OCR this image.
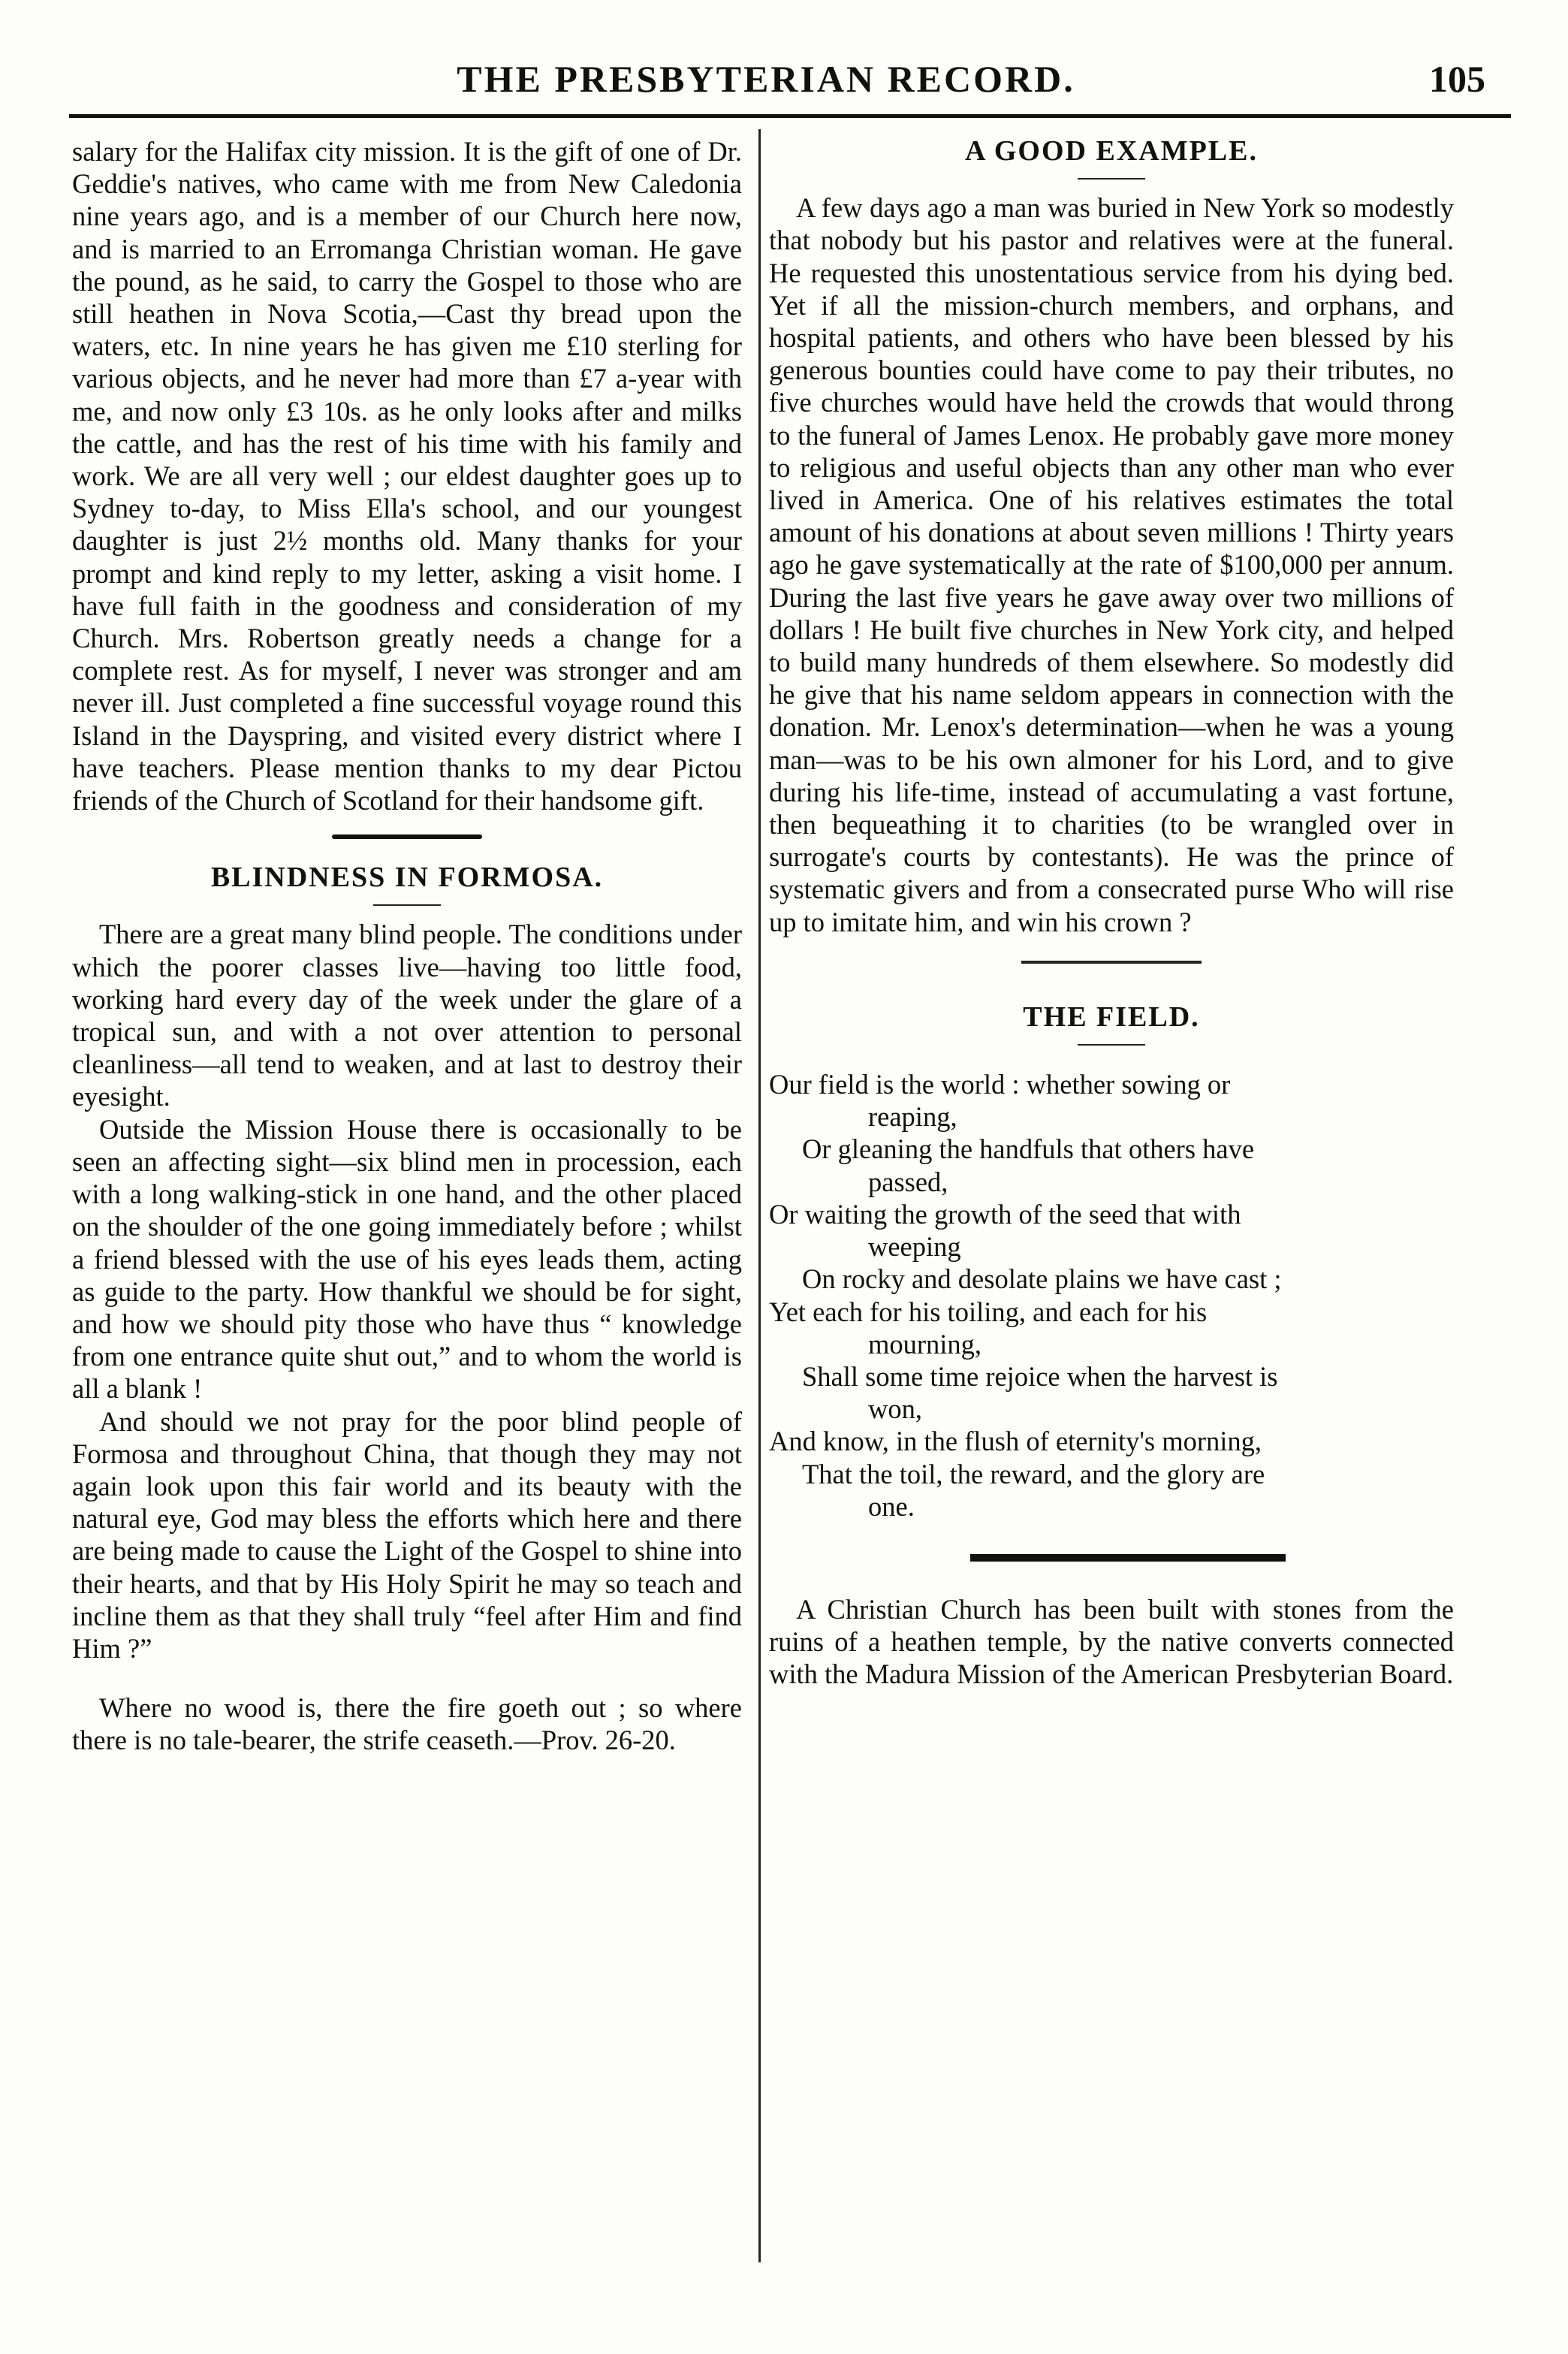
THE PRESBYTERIAN RECORD.	105

salary for the Halifax city mission. It is the gift of one of Dr. Geddie's natives, who came with me from New Caledonia nine years ago, and is a member of our Church here now, and is married to an Erromanga Christian woman. He gave the pound, as he said, to carry the Gospel to those who are still heathen in Nova Scotia,—Cast thy bread upon the waters, etc. In nine years he has given me £10 sterling for various objects, and he never had more than £7 a-year with me, and now only £3 10s. as he only looks after and milks the cattle, and has the rest of his time with his family and work. We are all very well ; our eldest daughter goes up to Sydney to-day, to Miss Ella's school, and our youngest daughter is just 2½ months old. Many thanks for your prompt and kind reply to my letter, asking a visit home. I have full faith in the goodness and consideration of my Church. Mrs. Robertson greatly needs a change for a complete rest. As for myself, I never was stronger and am never ill. Just completed a fine successful voyage round this Island in the Dayspring, and visited every district where I have teachers. Please mention thanks to my dear Pictou friends of the Church of Scotland for their handsome gift.

BLINDNESS IN FORMOSA.

There are a great many blind people. The conditions under which the poorer classes live—having too little food, working hard every day of the week under the glare of a tropical sun, and with a not over attention to personal cleanliness—all tend to weaken, and at last to destroy their eyesight.

Outside the Mission House there is occasionally to be seen an affecting sight—six blind men in procession, each with a long walking-stick in one hand, and the other placed on the shoulder of the one going immediately before ; whilst a friend blessed with the use of his eyes leads them, acting as guide to the party. How thankful we should be for sight, and how we should pity those who have thus “ knowledge from one entrance quite shut out,” and to whom the world is all a blank !

And should we not pray for the poor blind people of Formosa and throughout China, that though they may not again look upon this fair world and its beauty with the natural eye, God may bless the efforts which here and there are being made to cause the Light of the Gospel to shine into their hearts, and that by His Holy Spirit he may so teach and incline them as that they shall truly “feel after Him and find Him ?”

Where no wood is, there the fire goeth out ; so where there is no tale-bearer, the strife ceaseth.—Prov. 26-20.

A GOOD EXAMPLE.

A few days ago a man was buried in New York so modestly that nobody but his pastor and relatives were at the funeral. He requested this unostentatious service from his dying bed. Yet if all the mission-church members, and orphans, and hospital patients, and others who have been blessed by his generous bounties could have come to pay their tributes, no five churches would have held the crowds that would throng to the funeral of James Lenox. He probably gave more money to religious and useful objects than any other man who ever lived in America. One of his relatives estimates the total amount of his donations at about seven millions ! Thirty years ago he gave systematically at the rate of $100,000 per annum. During the last five years he gave away over two millions of dollars ! He built five churches in New York city, and helped to build many hundreds of them elsewhere. So modestly did he give that his name seldom appears in connection with the donation. Mr. Lenox's determination—when he was a young man—was to be his own almoner for his Lord, and to give during his life-time, instead of accumulating a vast fortune, then bequeathing it to charities (to be wrangled over in surrogate's courts by contestants). He was the prince of systematic givers and from a consecrated purse Who will rise up to imitate him, and win his crown ?

THE FIELD.

Our field is the world : whether sowing or

reaping,

Or gleaning the handfuls that others have

passed,

Or waiting the growth of the seed that with

weeping

On rocky and desolate plains we have cast ;

Yet each for his toiling, and each for his

mourning,

Shall some time rejoice when the harvest is

won,

And know, in the flush of eternity's morning,

That the toil, the reward, and the glory are

one.

A Christian Church has been built with stones from the ruins of a heathen temple, by the native converts connected with the Madura Mission of the American Presbyterian Board.
